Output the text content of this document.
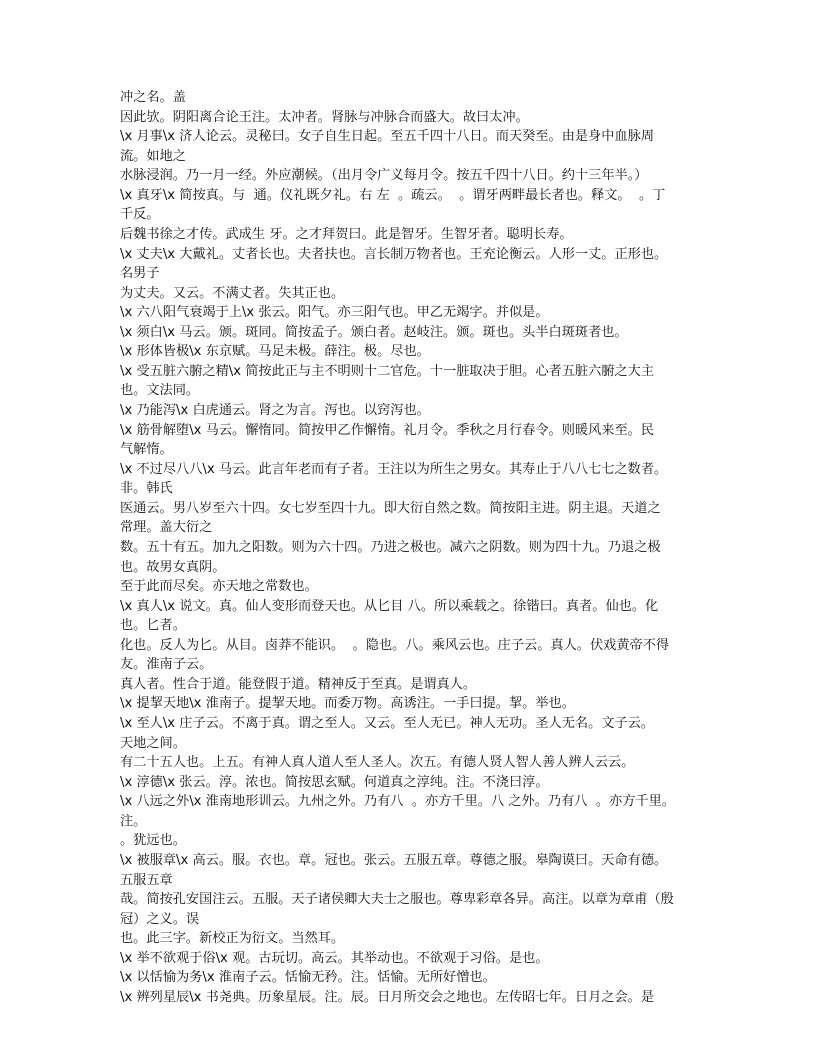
冲之名。盖
因此欤。阴阳离合论王注。太冲者。肾脉与冲脉合而盛大。故曰太冲。
\x 月事\x 济人论云。灵秘曰。女子自生日起。至五千四十八日。而天癸至。由是身中血脉周
流。如地之
水脉浸润。乃一月一经。外应潮候。（出月令广义每月令。按五千四十八日。约十三年半。）
\x 真牙\x 简按真。与  通。仪礼既夕礼。右 左  。疏云。  。谓牙两畔最长者也。释文。  。丁
千反。
后魏书徐之才传。武成生 牙。之才拜贺曰。此是智牙。生智牙者。聪明长寿。
\x 丈夫\x 大戴礼。丈者长也。夫者扶也。言长制万物者也。王充论衡云。人形一丈。正形也。
名男子
为丈夫。又云。不满丈者。失其正也。
\x 六八阳气衰竭于上\x 张云。阳气。亦三阳气也。甲乙无竭字。并似是。
\x 须白\x 马云。颁。斑同。简按孟子。颁白者。赵岐注。颁。斑也。头半白斑斑者也。
\x 形体皆极\x 东京赋。马足未极。薛注。极。尽也。
\x 受五脏六腑之精\x 简按此正与主不明则十二官危。十一脏取决于胆。心者五脏六腑之大主
也。文法同。
\x 乃能泻\x 白虎通云。肾之为言。泻也。以窍泻也。
\x 筋骨解堕\x 马云。懈惰同。简按甲乙作懈惰。礼月令。季秋之月行春令。则暖风来至。民
气解惰。
\x 不过尽八八\x 马云。此言年老而有子者。王注以为所生之男女。其寿止于八八七七之数者。
非。韩氏
医通云。男八岁至六十四。女七岁至四十九。即大衍自然之数。简按阳主进。阴主退。天道之
常理。盖大衍之
数。五十有五。加九之阳数。则为六十四。乃进之极也。减六之阴数。则为四十九。乃退之极
也。故男女真阴。
至于此而尽矣。亦天地之常数也。
\x 真人\x 说文。真。仙人变形而登天也。从匕目 八。所以乘载之。徐锴曰。真者。仙也。化
也。匕者。
化也。反人为匕。从目。卤莽不能识。  。隐也。八。乘风云也。庄子云。真人。伏戏黄帝不得
友。淮南子云。
真人者。性合于道。能登假于道。精神反于至真。是谓真人。
\x 提挈天地\x 淮南子。提挈天地。而委万物。高诱注。一手曰提。挈。举也。
\x 至人\x 庄子云。不离于真。谓之至人。又云。至人无已。神人无功。圣人无名。文子云。
天地之间。
有二十五人也。上五。有神人真人道人至人圣人。次五。有德人贤人智人善人辨人云云。
\x 淳德\x 张云。淳。浓也。简按思玄赋。何道真之淳纯。注。不浇曰淳。
\x 八远之外\x 淮南地形训云。九州之外。乃有八  。亦方千里。八 之外。乃有八  。亦方千里。
注。
。犹远也。
\x 被服章\x 高云。服。衣也。章。冠也。张云。五服五章。尊德之服。皋陶谟曰。天命有德。
五服五章
哉。简按孔安国注云。五服。天子诸侯卿大夫士之服也。尊卑彩章各异。高注。以章为章甫（殷
冠）之义。误
也。此三字。新校正为衍文。当然耳。
\x 举不欲观于俗\x 观。古玩切。高云。其举动也。不欲观于习俗。是也。
\x 以恬愉为务\x 淮南子云。恬愉无矜。注。恬愉。无所好憎也。
\x 辨列星辰\x 书尧典。历象星辰。注。辰。日月所交会之地也。左传昭七年。日月之会。是
